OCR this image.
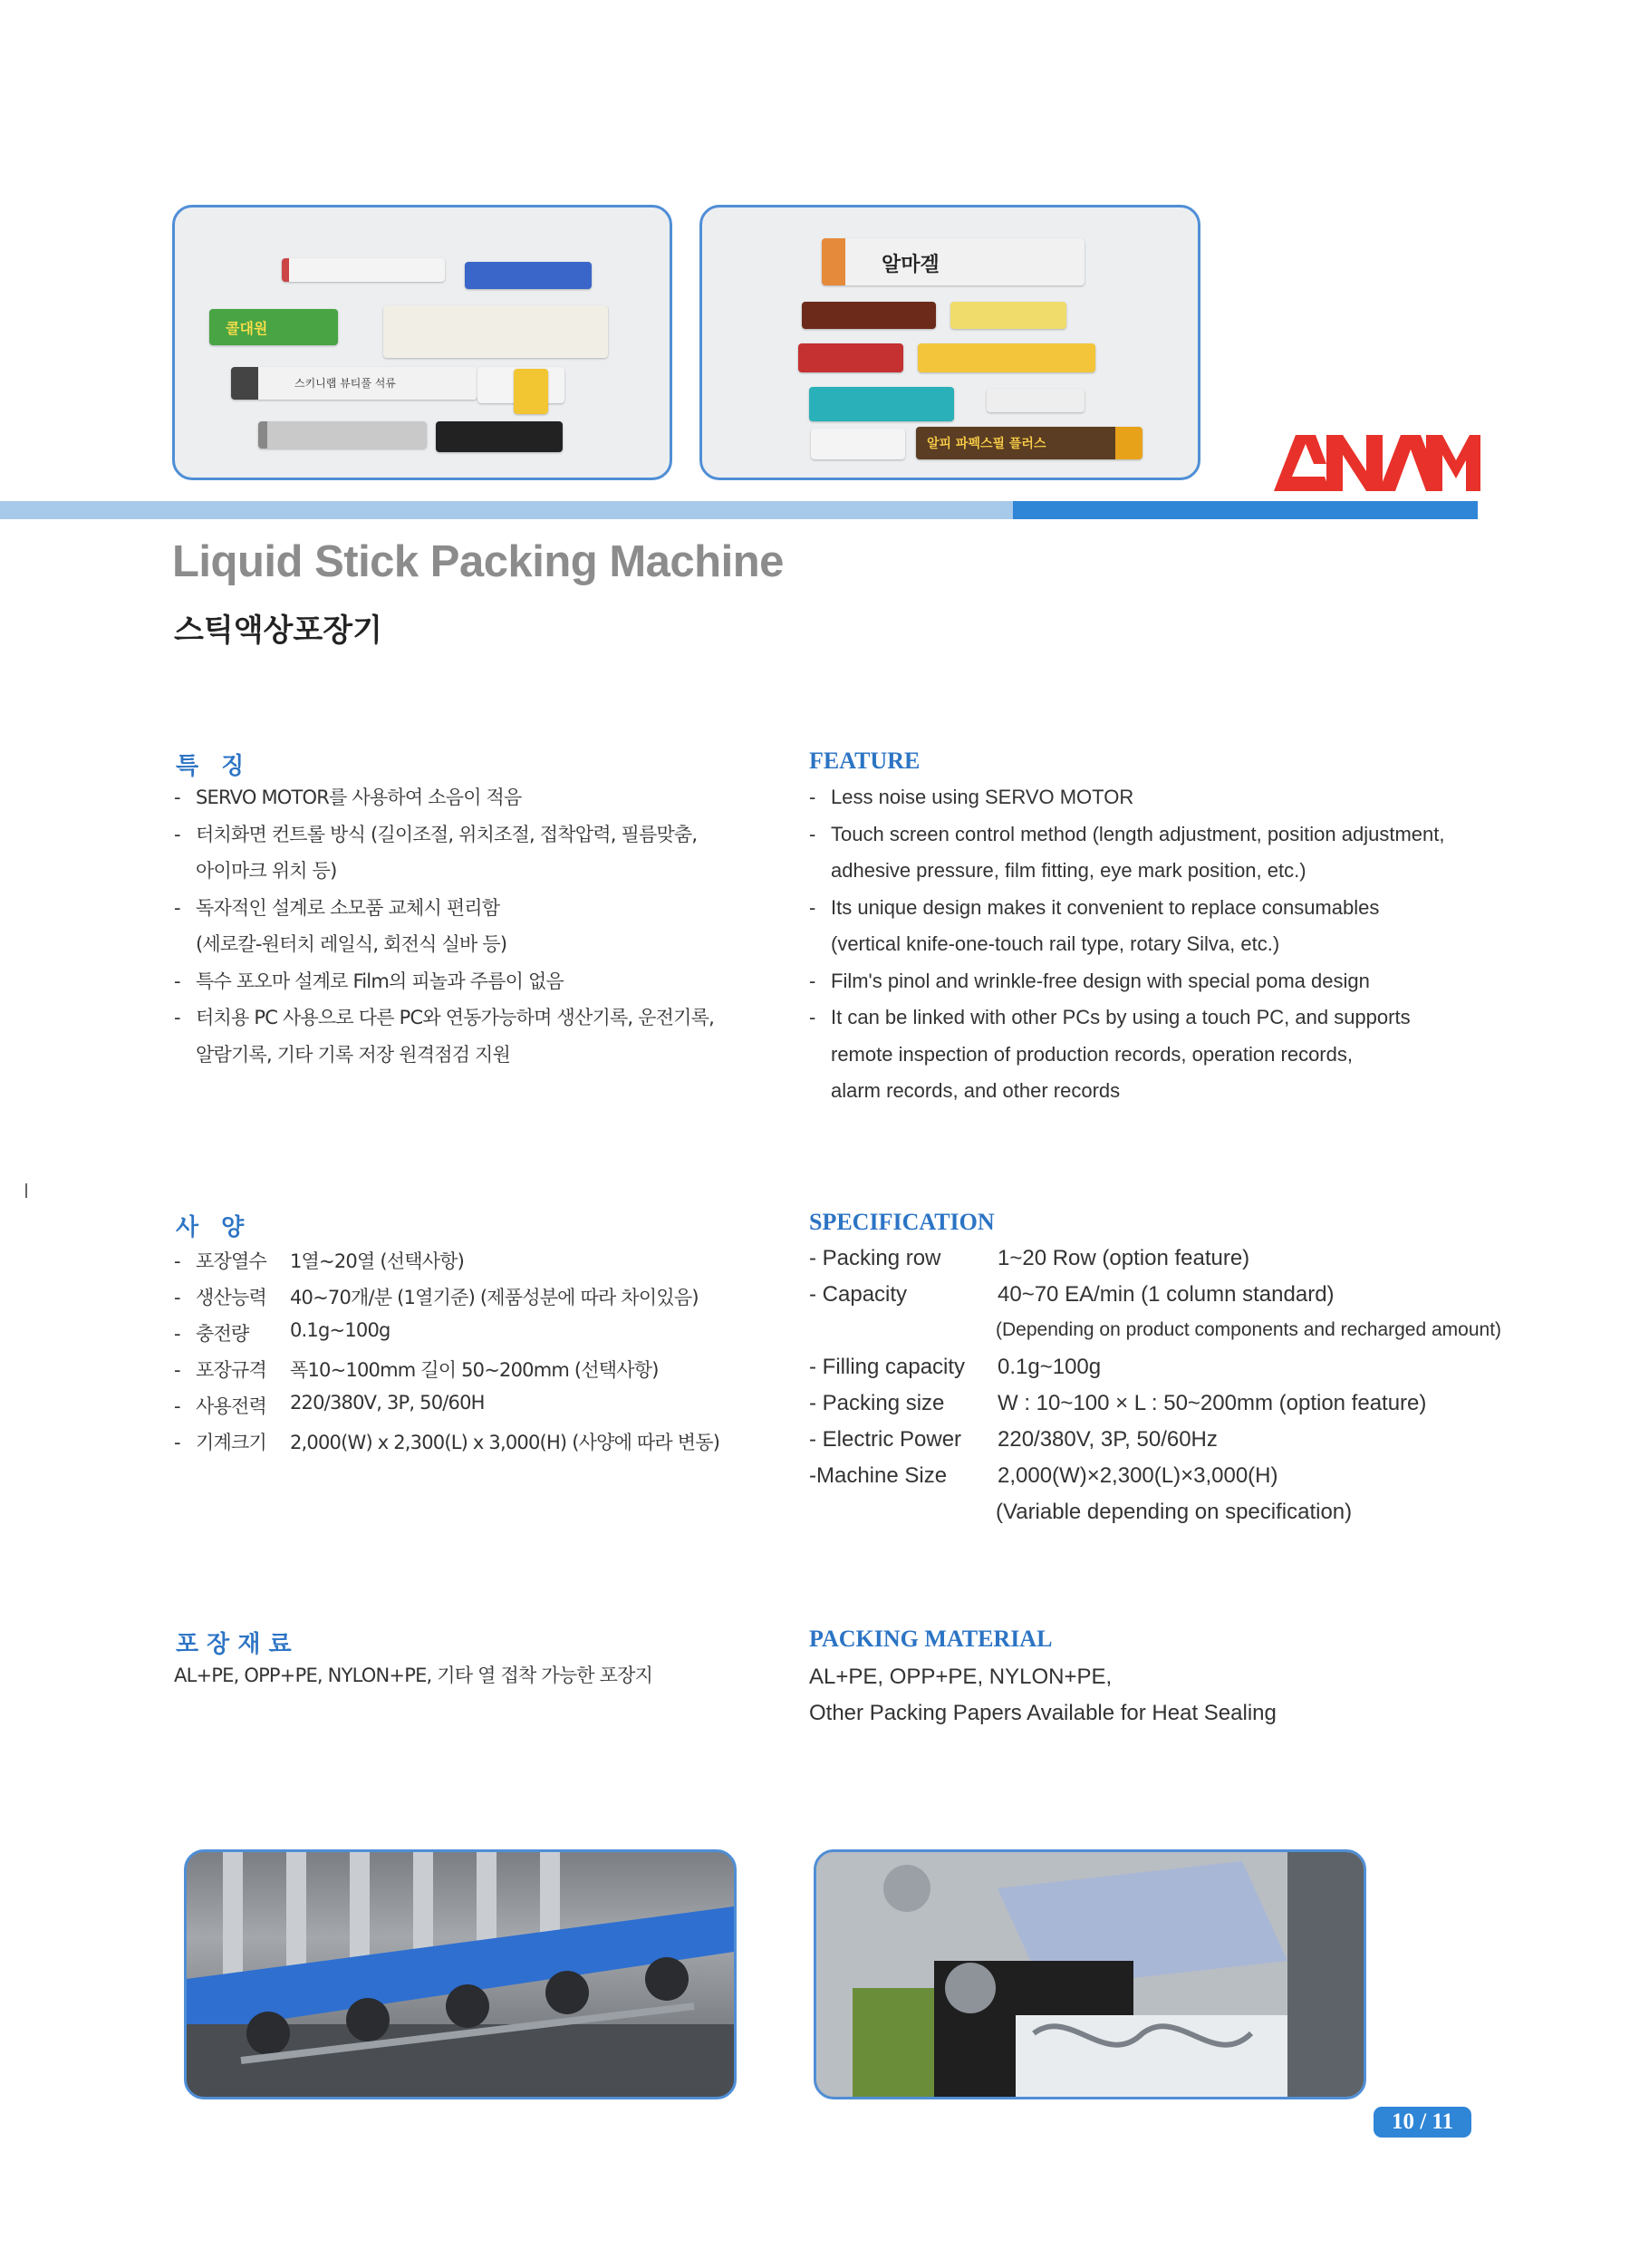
콜대원
스키니랩 뷰티풀 석류
알마겔
알피 파펙스필 플러스
Liquid Stick Packing Machine
스틱액상포장기
특 징	FEATURE
- SERVO MOTOR를 사용하여 소음이 적음
- 터치화면 컨트롤 방식 (길이조절, 위치조절, 접착압력, 필름맞춤,
아이마크 위치 등)
- 독자적인 설계로 소모품 교체시 편리함
(세로칼-원터치 레일식, 회전식 실바 등)
- 특수 포오마 설계로 Film의 피놀과 주름이 없음
- 터치용 PC 사용으로 다른 PC와 연동가능하며 생산기록, 운전기록,
알람기록, 기타 기록 저장 원격점검 지원
- Less noise using SERVO MOTOR
- Touch screen control method (length adjustment, position adjustment,
adhesive pressure, film fitting, eye mark position, etc.)
- Its unique design makes it convenient to replace consumables
(vertical knife-one-touch rail type, rotary Silva, etc.)
- Film's pinol and wrinkle-free design with special poma design
- It can be linked with other PCs by using a touch PC, and supports
remote inspection of production records, operation records,
alarm records, and other records
사 양	SPECIFICATION
- 포장열수 1열~20열 (선택사항)
- 생산능력 40~70개/분 (1열기준) (제품성분에 따라 차이있음)
- 충전량 0.1g~100g
- 포장규격 폭10~100mm 길이 50~200mm (선택사항)
- 사용전력 220/380V, 3P, 50/60H
- 기계크기 2,000(W) x 2,300(L) x 3,000(H) (사양에 따라 변동)
- Packing row	1~20 Row (option feature)
- Capacity	40~70 EA/min (1 column standard)
(Depending on product components and recharged amount)
- Filling capacity 0.1g~100g
- Packing size W : 10~100 × L : 50~200mm (option feature)
- Electric Power 220/380V, 3P, 50/60Hz
-Machine Size 2,000(W)×2,300(L)×3,000(H)
(Variable depending on specification)
포 장 재 료	PACKING MATERIAL
AL+PE, OPP+PE, NYLON+PE, 기타 열 접착 가능한 포장지	AL+PE, OPP+PE, NYLON+PE,
Other Packing Papers Available for Heat Sealing
10 / 11
